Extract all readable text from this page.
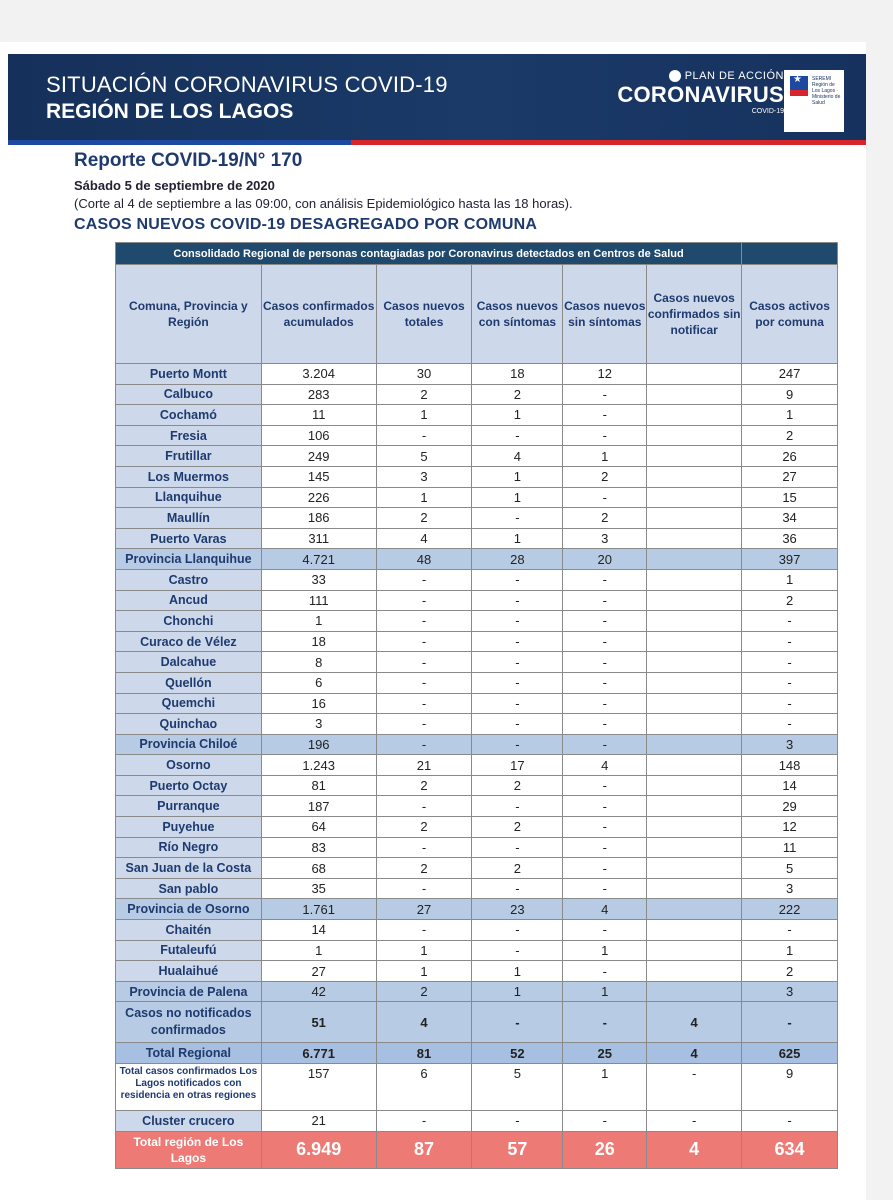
SITUACIÓN CORONAVIRUS COVID-19
REGIÓN DE LOS LAGOS
PLAN DE ACCIÓN
CORONAVIRUS
COVID-19
★ SEREMI Región de Los Lagos · Ministerio de Salud
Reporte COVID-19/N° 170
Sábado 5 de septiembre de 2020
(Corte al 4 de septiembre a las 09:00, con análisis Epidemiológico hasta las 18 horas).
CASOS NUEVOS COVID-19 DESAGREGADO POR COMUNA
Consolidado Regional de personas contagiadas por Coronavirus detectados en Centros de Salud						
Comuna, Provincia y Región	Casos confirmados acumulados	Casos nuevos totales	Casos nuevos con síntomas	Casos nuevos sin síntomas	Casos nuevos confirmados sin notificar	Casos activos por comuna
Puerto Montt	3.204	30	18	12		247
Calbuco	283	2	2	-		9
Cochamó	11	1	1	-		1
Fresia	106	-	-	-		2
Frutillar	249	5	4	1		26
Los Muermos	145	3	1	2		27
Llanquihue	226	1	1	-		15
Maullín	186	2	-	2		34
Puerto Varas	311	4	1	3		36
Provincia Llanquihue	4.721	48	28	20		397
Castro	33	-	-	-		1
Ancud	111	-	-	-		2
Chonchi	1	-	-	-		-
Curaco de Vélez	18	-	-	-		-
Dalcahue	8	-	-	-		-
Quellón	6	-	-	-		-
Quemchi	16	-	-	-		-
Quinchao	3	-	-	-		-
Provincia Chiloé	196	-	-	-		3
Osorno	1.243	21	17	4		148
Puerto Octay	81	2	2	-		14
Purranque	187	-	-	-		29
Puyehue	64	2	2	-		12
Río Negro	83	-	-	-		11
San Juan de la Costa	68	2	2	-		5
San pablo	35	-	-	-		3
Provincia de Osorno	1.761	27	23	4		222
Chaitén	14	-	-	-		-
Futaleufú	1	1	-	1		1
Hualaihué	27	1	1	-		2
Provincia de Palena	42	2	1	1		3
Casos no notificados confirmados	51	4	-	-	4	-
Total Regional	6.771	81	52	25	4	625
Total casos confirmados Los Lagos notificados con residencia en otras regiones	157	6	5	1	-	9
Cluster crucero	21	-	-	-	-	-
Total región de Los Lagos	6.949	87	57	26	4	634
